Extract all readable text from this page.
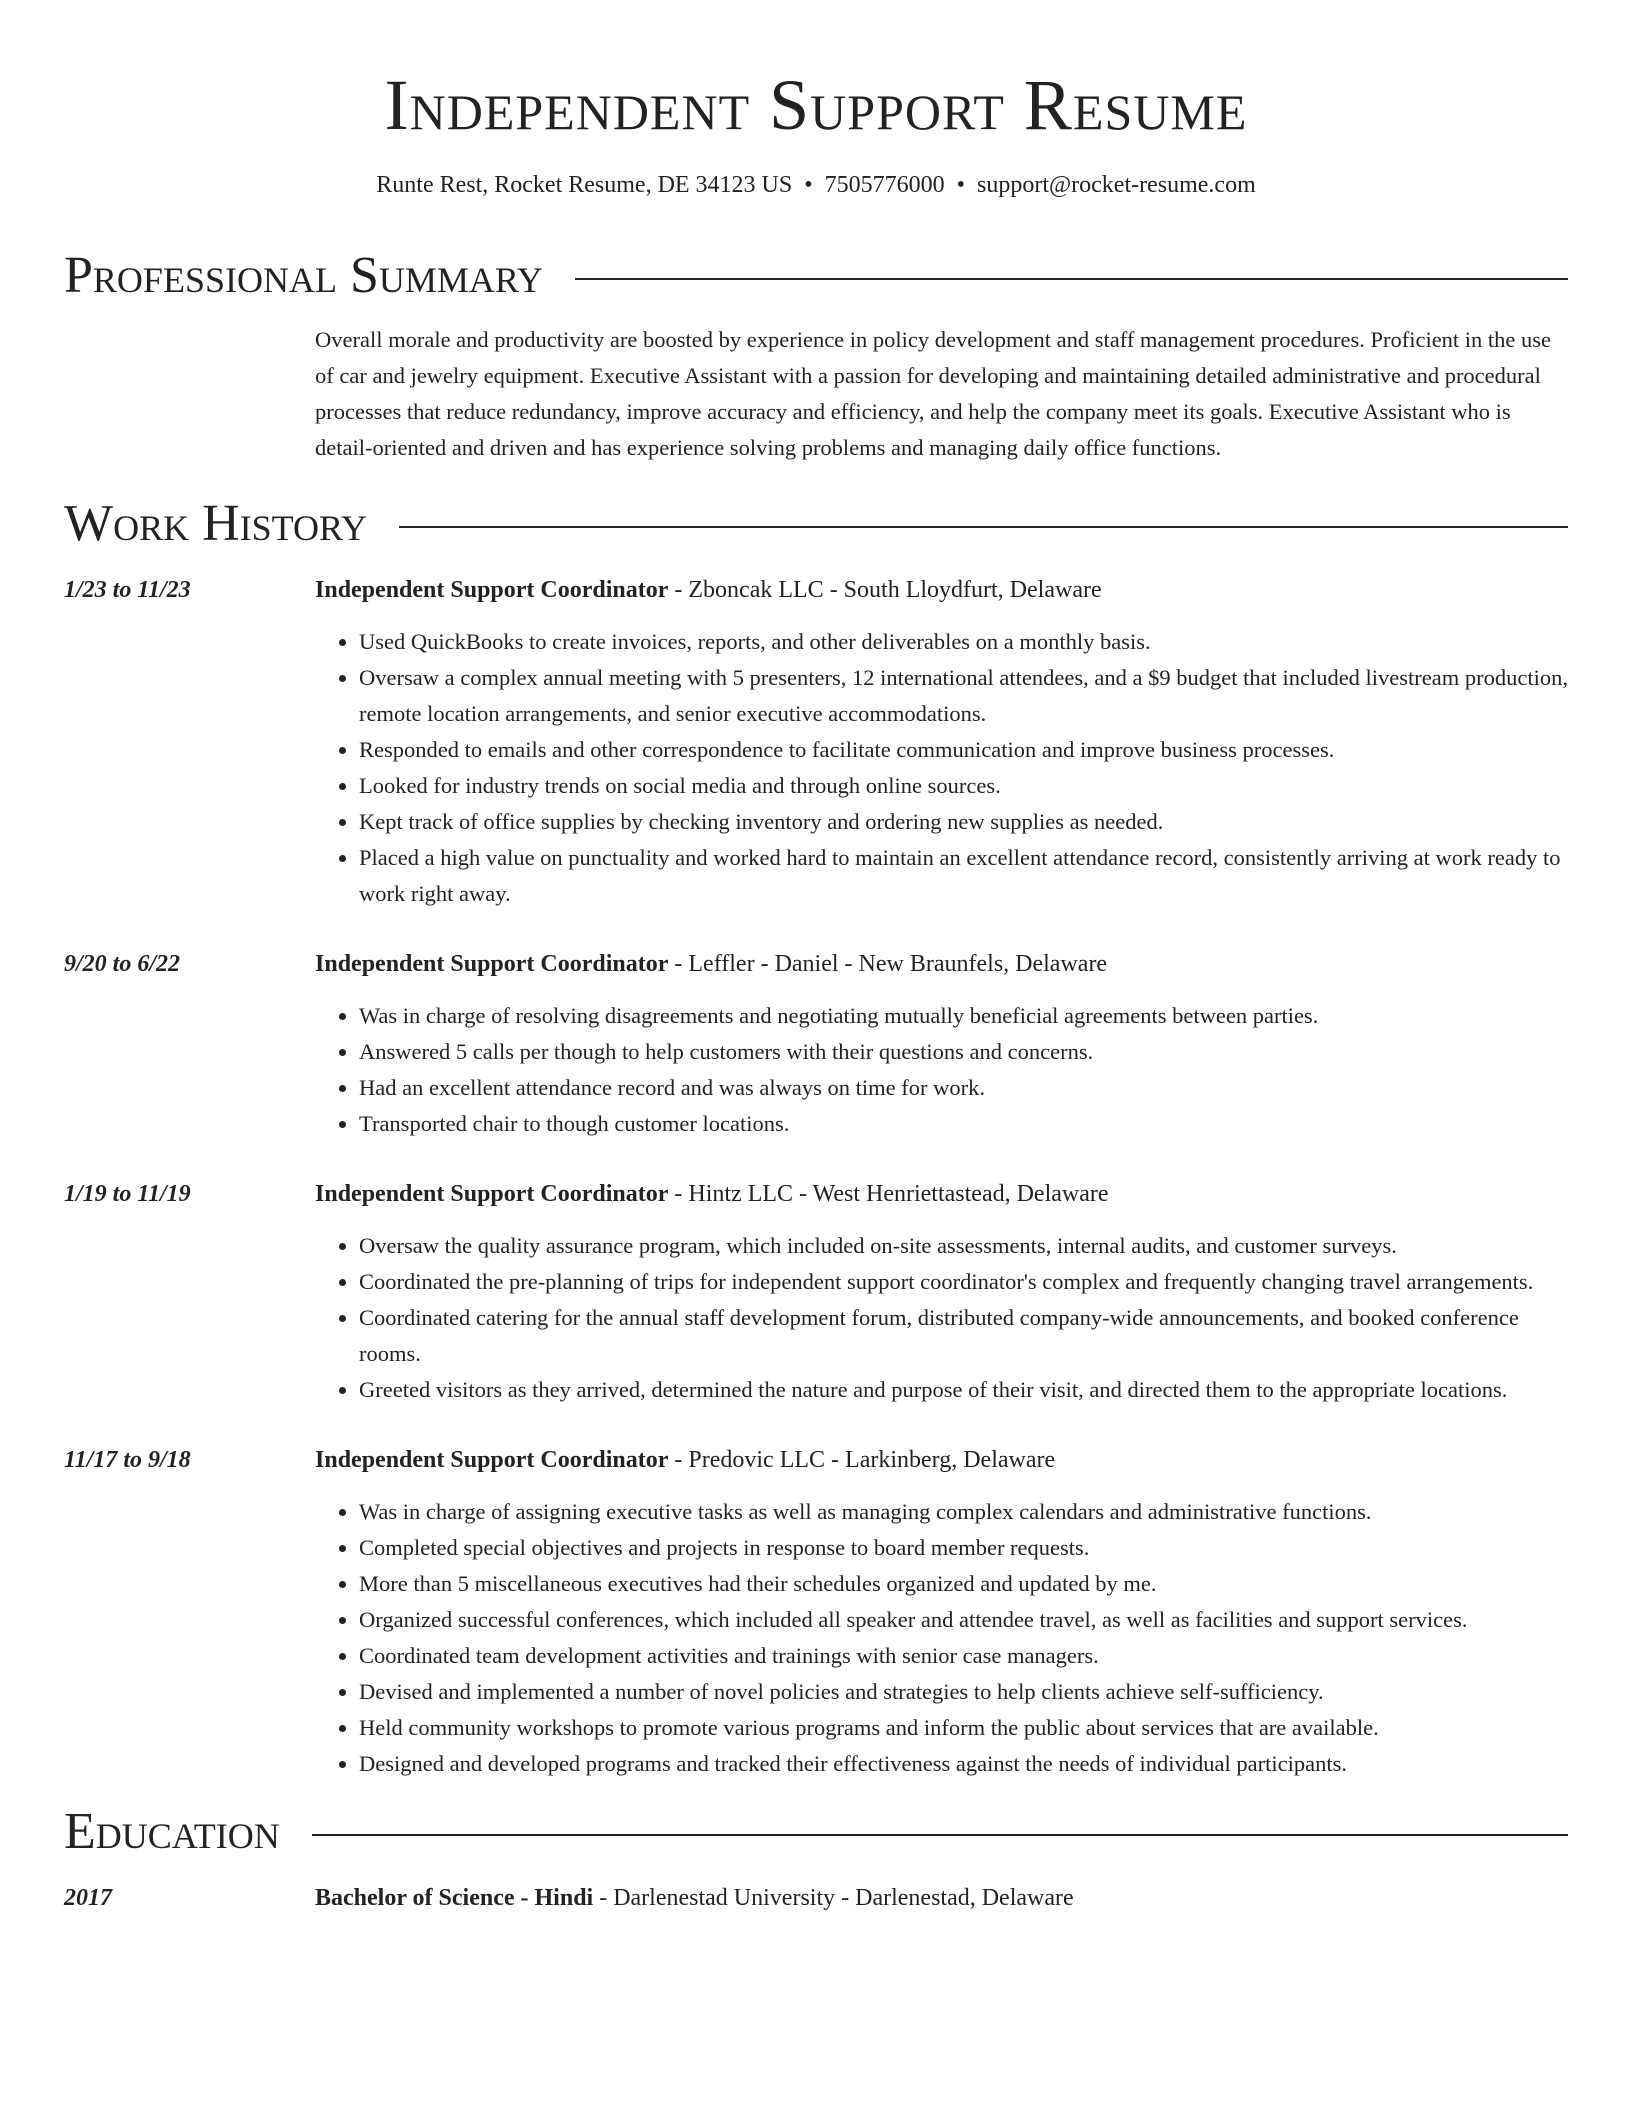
Independent Support Resume
Runte Rest, Rocket Resume, DE 34123 US • 7505776000 • support@rocket-resume.com
Professional Summary

Overall morale and productivity are boosted by experience in policy development and staff management procedures. Proficient in the use of car and jewelry equipment. Executive Assistant with a passion for developing and maintaining detailed administrative and procedural processes that reduce redundancy, improve accuracy and efficiency, and help the company meet its goals. Executive Assistant who is detail-oriented and driven and has experience solving problems and managing daily office functions.

Work History
1/23 to 11/23	Independent Support Coordinator - Zboncak LLC - South Lloydfurt, Delaware
• Used QuickBooks to create invoices, reports, and other deliverables on a monthly basis.
• Oversaw a complex annual meeting with 5 presenters, 12 international attendees, and a $9 budget that included livestream production, remote location arrangements, and senior executive accommodations.
• Responded to emails and other correspondence to facilitate communication and improve business processes.
• Looked for industry trends on social media and through online sources.
• Kept track of office supplies by checking inventory and ordering new supplies as needed.
• Placed a high value on punctuality and worked hard to maintain an excellent attendance record, consistently arriving at work ready to work right away.
9/20 to 6/22	Independent Support Coordinator - Leffler - Daniel - New Braunfels, Delaware
• Was in charge of resolving disagreements and negotiating mutually beneficial agreements between parties.
• Answered 5 calls per though to help customers with their questions and concerns.
• Had an excellent attendance record and was always on time for work.
• Transported chair to though customer locations.
1/19 to 11/19	Independent Support Coordinator - Hintz LLC - West Henriettastead, Delaware
• Oversaw the quality assurance program, which included on-site assessments, internal audits, and customer surveys.
• Coordinated the pre-planning of trips for independent support coordinator's complex and frequently changing travel arrangements.
• Coordinated catering for the annual staff development forum, distributed company-wide announcements, and booked conference rooms.
• Greeted visitors as they arrived, determined the nature and purpose of their visit, and directed them to the appropriate locations.
11/17 to 9/18	Independent Support Coordinator - Predovic LLC - Larkinberg, Delaware
• Was in charge of assigning executive tasks as well as managing complex calendars and administrative functions.
• Completed special objectives and projects in response to board member requests.
• More than 5 miscellaneous executives had their schedules organized and updated by me.
• Organized successful conferences, which included all speaker and attendee travel, as well as facilities and support services.
• Coordinated team development activities and trainings with senior case managers.
• Devised and implemented a number of novel policies and strategies to help clients achieve self-sufficiency.
• Held community workshops to promote various programs and inform the public about services that are available.
• Designed and developed programs and tracked their effectiveness against the needs of individual participants.
Education
2017	Bachelor of Science - Hindi - Darlenestad University - Darlenestad, Delaware
